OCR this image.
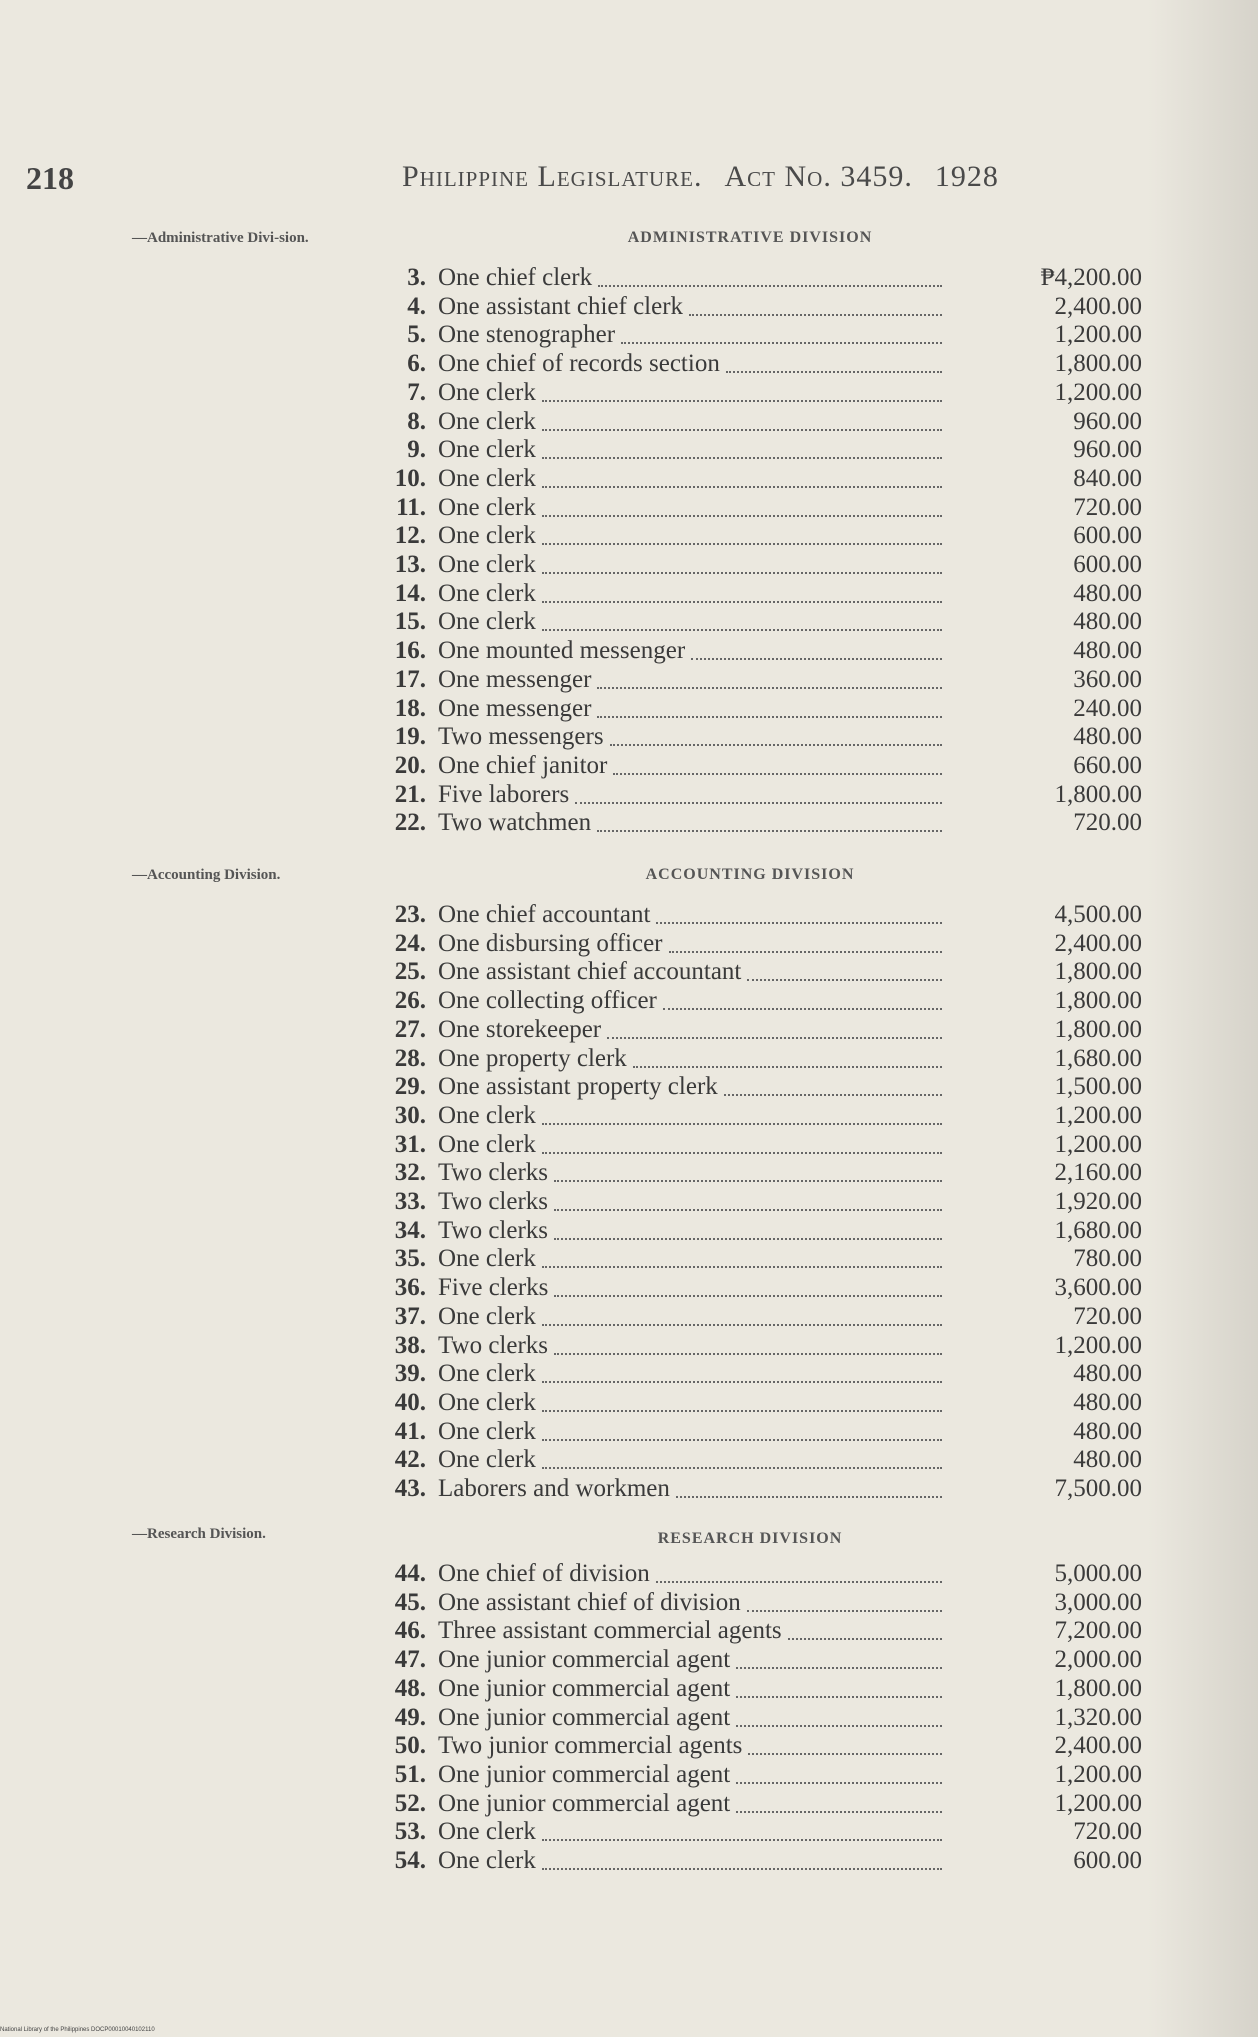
218	Philippine Legislature. Act No. 3459. 1928
—Administrative Divi-sion.	ADMINISTRATIVE DIVISION
3. One chief clerk	₱4,200.00
4. One assistant chief clerk	2,400.00
5. One stenographer	1,200.00
6. One chief of records section	1,800.00
7. One clerk	1,200.00
8. One clerk	960.00
9. One clerk	960.00
10. One clerk	840.00
11. One clerk	720.00
12. One clerk	600.00
13. One clerk	600.00
14. One clerk	480.00
15. One clerk	480.00
16. One mounted messenger	480.00
17. One messenger	360.00
18. One messenger	240.00
19. Two messengers	480.00
20. One chief janitor	660.00
21. Five laborers	1,800.00
22. Two watchmen	720.00
—Accounting Division.	ACCOUNTING DIVISION
23. One chief accountant	4,500.00
24. One disbursing officer	2,400.00
25. One assistant chief accountant	1,800.00
26. One collecting officer	1,800.00
27. One storekeeper	1,800.00
28. One property clerk	1,680.00
29. One assistant property clerk	1,500.00
30. One clerk	1,200.00
31. One clerk	1,200.00
32. Two clerks	2,160.00
33. Two clerks	1,920.00
34. Two clerks	1,680.00
35. One clerk	780.00
36. Five clerks	3,600.00
37. One clerk	720.00
38. Two clerks	1,200.00
39. One clerk	480.00
40. One clerk	480.00
41. One clerk	480.00
42. One clerk	480.00
43. Laborers and workmen	7,500.00
—Research Division.	RESEARCH DIVISION
44. One chief of division	5,000.00
45. One assistant chief of division	3,000.00
46. Three assistant commercial agents	7,200.00
47. One junior commercial agent	2,000.00
48. One junior commercial agent	1,800.00
49. One junior commercial agent	1,320.00
50. Two junior commercial agents	2,400.00
51. One junior commercial agent	1,200.00
52. One junior commercial agent	1,200.00
53. One clerk	720.00
54. One clerk	600.00
National Library of the Philippines DOCP00010040102110
